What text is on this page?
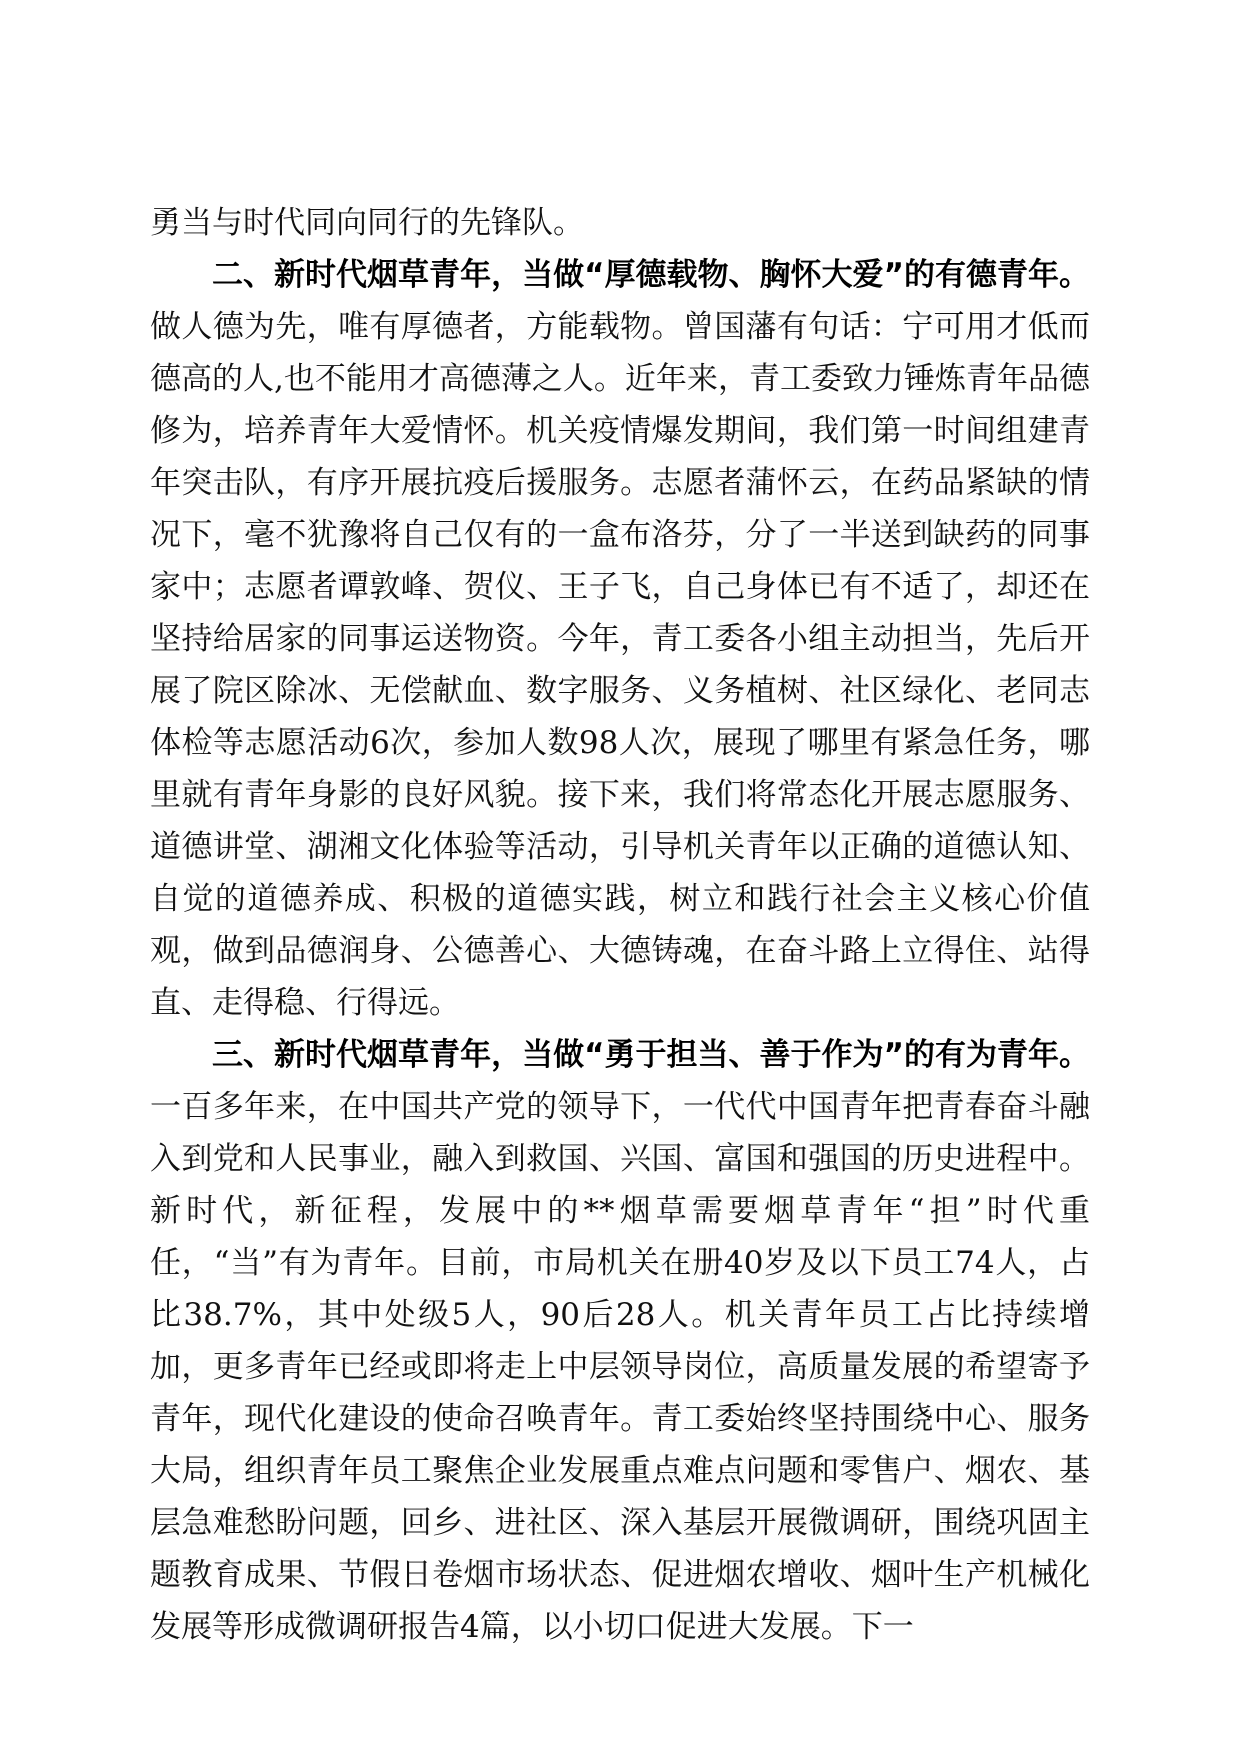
勇当与时代同向同行的先锋队。

二、新时代烟草青年，当做“厚德载物、胸怀大爱”的有德青年。做人德为先，唯有厚德者，方能载物。曾国藩有句话：宁可用才低而德高的人,也不能用才高德薄之人。近年来，青工委致力锤炼青年品德修为，培养青年大爱情怀。机关疫情爆发期间，我们第一时间组建青年突击队，有序开展抗疫后援服务。志愿者蒲怀云，在药品紧缺的情况下，毫不犹豫将自己仅有的一盒布洛芬，分了一半送到缺药的同事家中；志愿者谭敦峰、贺仪、王子飞，自己身体已有不适了，却还在坚持给居家的同事运送物资。今年，青工委各小组主动担当，先后开展了院区除冰、无偿献血、数字服务、义务植树、社区绿化、老同志体检等志愿活动6次，参加人数98人次，展现了哪里有紧急任务，哪里就有青年身影的良好风貌。接下来，我们将常态化开展志愿服务、道德讲堂、湖湘文化体验等活动，引导机关青年以正确的道德认知、自觉的道德养成、积极的道德实践，树立和践行社会主义核心价值观，做到品德润身、公德善心、大德铸魂，在奋斗路上立得住、站得直、走得稳、行得远。

三、新时代烟草青年，当做“勇于担当、善于作为”的有为青年。一百多年来，在中国共产党的领导下，一代代中国青年把青春奋斗融入到党和人民事业，融入到救国、兴国、富国和强国的历史进程中。新时代，新征程，发展中的**烟草需要烟草青年“担”时代重任，“当”有为青年。目前，市局机关在册40岁及以下员工74人，占比38.7%，其中处级5人，90后28人。机关青年员工占比持续增加，更多青年已经或即将走上中层领导岗位，高质量发展的希望寄予青年，现代化建设的使命召唤青年。青工委始终坚持围绕中心、服务大局，组织青年员工聚焦企业发展重点难点问题和零售户、烟农、基层急难愁盼问题，回乡、进社区、深入基层开展微调研，围绕巩固主题教育成果、节假日卷烟市场状态、促进烟农增收、烟叶生产机械化发展等形成微调研报告4篇，以小切口促进大发展。下一
